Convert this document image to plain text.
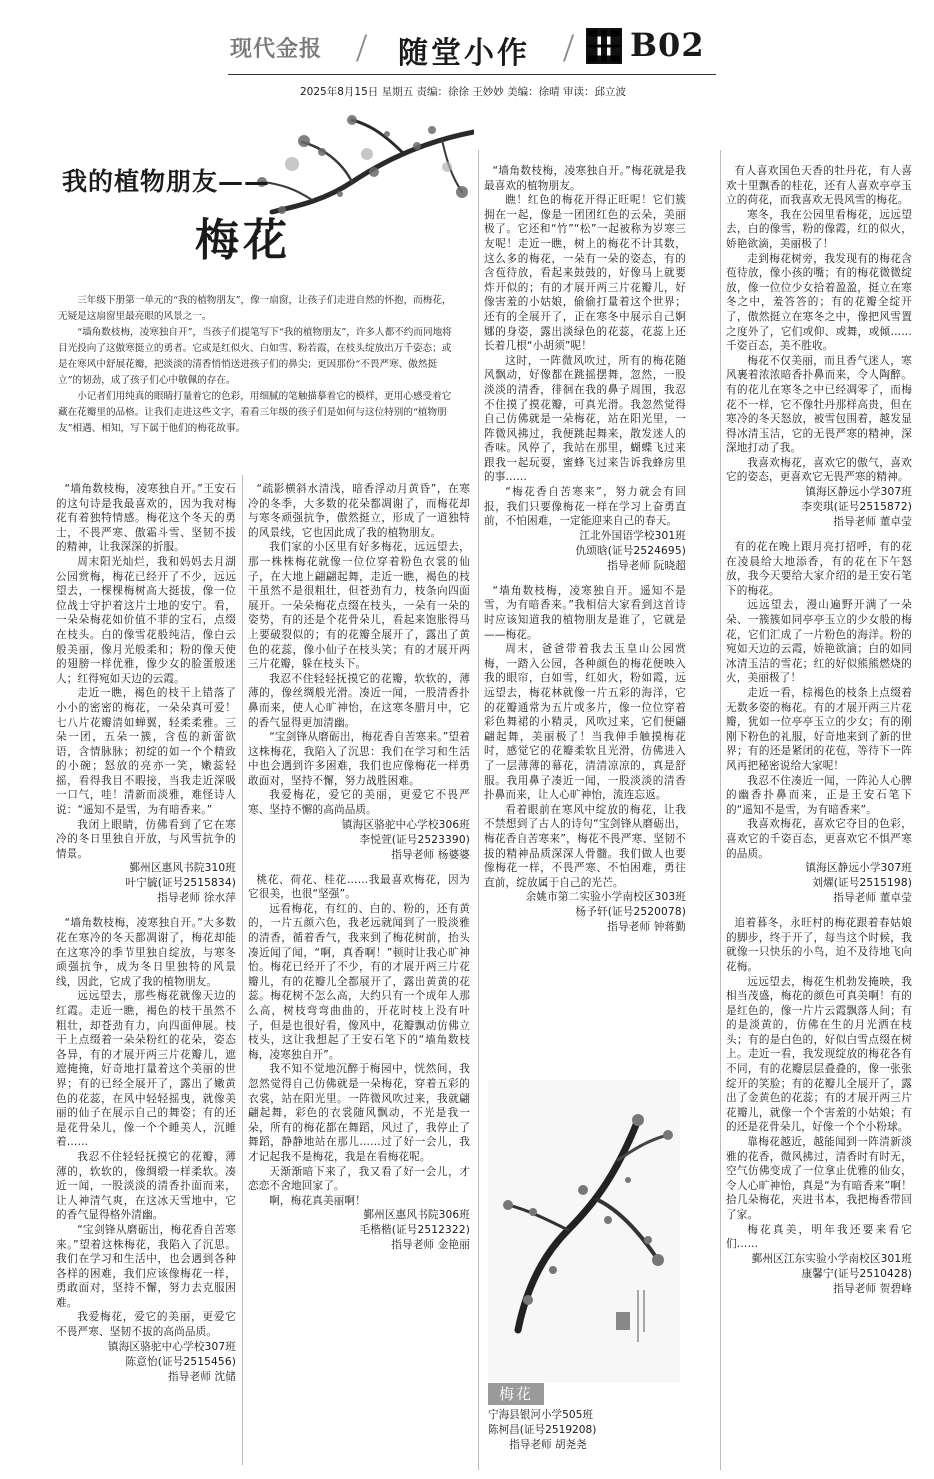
现代金报 / 随堂小作 / B02
2025年8月15日 星期五 责编：徐徐 王妙妙 美编：徐晴 审读：邱立波
我的植物朋友——
梅花

三年级下册第一单元的“我的植物朋友”，像一扇窗，让孩子们走进自然的怀抱，而梅花，无疑是这扇窗里最亮眼的风景之一。

“墙角数枝梅，凌寒独自开”，当孩子们提笔写下“我的植物朋友”，许多人都不约而同地将目光投向了这傲寒挺立的勇者。它或是红似火、白如雪、粉若霞，在枝头绽放出万千姿态；或是在寒风中舒展花瓣，把淡淡的清香悄悄送进孩子们的鼻尖；更因那份“不畏严寒、傲然挺立”的韧劲，成了孩子们心中敬佩的存在。

小记者们用纯真的眼睛打量着它的色彩，用细腻的笔触描摹着它的模样，更用心感受着它藏在花瓣里的品格。让我们走进这些文字，看看三年级的孩子们是如何与这位特别的“植物朋友”相遇、相知，写下属于他们的梅花故事。

“墙角数枝梅，凌寒独自开。”王安石的这句诗是我最喜欢的，因为我对梅花有着独特情感。梅花这个冬天的勇士，不畏严寒、傲霜斗雪、坚韧不拔的精神，让我深深的折服。

周末阳光灿烂，我和妈妈去月湖公园赏梅，梅花已经开了不少，远远望去，一棵棵梅树高大挺拔，像一位位战士守护着这片土地的安宁。看，一朵朵梅花如价值不菲的宝石，点缀在枝头。白的像雪花般纯洁，像白云般美丽，像月光般柔和；粉的像天使的翅膀一样优雅，像少女的脸蛋般迷人；红得宛如天边的云霞。

走近一瞧，褐色的枝干上错落了小小的密密的梅花，一朵朵真可爱！七八片花瓣清如蝉翼，轻柔柔雅。三朵一团，五朵一簇，含苞的新蕾欲语，含情脉脉；初绽的如一个个精致的小碗；怒放的亮亦一笑，嫩蕊轻摇，看得我目不暇接，当我走近深吸一口气，哇！清新而淡雅，难怪诗人说：“遥知不是雪，为有暗香来。”

我闭上眼睛，仿佛看到了它在寒冷的冬日里独自开放，与风雪抗争的情景。

鄞州区惠风书院310班

叶宁毓(证号2515834)

指导老师 徐水萍

“墙角数枝梅，凌寒独自开。”大多数花在寒冷的冬天都凋谢了，梅花却能在这寒冷的季节里独自绽放，与寒冬顽强抗争，成为冬日里独特的风景线，因此，它成了我的植物朋友。

远远望去，那些梅花就像天边的红霞。走近一瞧，褐色的枝干虽然不粗壮，却苍劲有力，向四面伸展。枝干上点缀着一朵朵粉红的花朵，姿态各异，有的才展开两三片花瓣儿，遮遮掩掩，好奇地打量着这个美丽的世界；有的已经全展开了，露出了嫩黄色的花蕊，在风中轻轻摇曳，就像美丽的仙子在展示自己的舞姿；有的还是花骨朵儿，像一个个睡美人，沉睡着……

我忍不住轻轻抚摸它的花瓣，薄薄的，软软的，像绸缎一样柔软。凑近一闻，一股淡淡的清香扑面而来，让人神清气爽，在这冰天雪地中，它的香气显得格外清幽。

“宝剑锋从磨砺出，梅花香自苦寒来。”望着这株梅花，我陷入了沉思。我们在学习和生活中，也会遇到各种各样的困难，我们应该像梅花一样，勇敢面对，坚持不懈，努力去克服困难。

我爱梅花，爱它的美丽，更爱它不畏严寒、坚韧不拔的高尚品质。

镇海区骆驼中心学校307班

陈意怡(证号2515456)

指导老师 沈储

“疏影横斜水清浅，暗香浮动月黄昏”，在寒冷的冬季，大多数的花朵都凋谢了，而梅花却与寒冬顽强抗争，傲然挺立，形成了一道独特的风景线，它也因此成了我的植物朋友。

我们家的小区里有好多梅花，远远望去，那一株株梅花就像一位位穿着粉色衣裳的仙子，在大地上翩翩起舞，走近一瞧，褐色的枝干虽然不是很粗壮，但苍劲有力，枝条向四面展开。一朵朵梅花点缀在枝头，一朵有一朵的姿势，有的还是个花骨朵儿，看起来饱胀得马上要破裂似的；有的花瓣全展开了，露出了黄色的花蕊，像小仙子在枝头笑；有的才展开两三片花瓣，躲在枝头下。

我忍不住轻轻抚摸它的花瓣，软软的，薄薄的，像丝绸般光滑。凑近一闻，一股清香扑鼻而来，使人心旷神怡，在这寒冬腊月中，它的香气显得更加清幽。

“宝剑锋从磨砺出，梅花香自苦寒来。”望着这株梅花，我陷入了沉思：我们在学习和生活中也会遇到许多困难，我们也应像梅花一样勇敢面对，坚持不懈，努力战胜困难。

我爱梅花，爱它的美丽，更爱它不畏严寒、坚持不懈的高尚品质。

镇海区骆驼中心学校306班

李悦萱(证号2523390)

指导老师 杨婆婆

桃花、荷花、桂花……我最喜欢梅花，因为它很美，也很“坚强”。

远看梅花，有红的、白的、粉的，还有黄的，一片五颜六色，我老远就闻到了一股淡雅的清香，循着香气，我来到了梅花树前，抬头凑近闻了闻，“啊，真香啊！”顿时让我心旷神怡。梅花已经开了不少，有的才展开两三片花瓣儿，有的花瓣儿全都展开了，露出黄黄的花蕊。梅花树不怎么高，大约只有一个成年人那么高，树枝弯弯曲曲的，开花时枝上没有叶子，但是也很好看，像风中，花瓣飘动仿佛立枝头，这让我想起了王安石笔下的“墙角数枝梅，凌寒独自开”。

我不知不觉地沉醉于梅园中，恍然间，我忽然觉得自己仿佛就是一朵梅花，穿着五彩的衣裳，站在阳光里。一阵微风吹过来，我就翩翩起舞，彩色的衣裳随风飘动，不光是我一朵，所有的梅花都在舞蹈，风过了，我停止了舞蹈，静静地站在那儿……过了好一会儿，我才记起我不是梅花，我是在看梅花呢。

天渐渐暗下来了，我又看了好一会儿，才恋恋不舍地回家了。

啊，梅花真美丽啊！

鄞州区惠风书院306班

毛楷楷(证号2512322)

指导老师 金艳丽

“墙角数枝梅，凌寒独自开。”梅花就是我最喜欢的植物朋友。

瞧！红色的梅花开得正旺呢！它们簇拥在一起，像是一团团红色的云朵，美丽极了。它还和“竹”“松”一起被称为岁寒三友呢！走近一瞧，树上的梅花不计其数，这么多的梅花，一朵有一朵的姿态，有的含苞待放，看起来鼓鼓的，好像马上就要炸开似的；有的才展开两三片花瓣儿，好像害羞的小姑娘，偷偷打量着这个世界；还有的全展开了，正在寒冬中展示自己婀娜的身姿，露出淡绿色的花蕊，花蕊上还长着几根“小胡须”呢！

这时，一阵微风吹过，所有的梅花随风飘动，好像都在跳摇摆舞，忽然，一股淡淡的清香，徘徊在我的鼻子周围，我忍不住摸了摸花瓣，可真光滑。我忽然觉得自己仿佛就是一朵梅花，站在阳光里，一阵微风拂过，我便跳起舞来，散发迷人的香味。风停了，我站在那里，蝴蝶飞过来跟我一起玩耍，蜜蜂飞过来告诉我蜂房里的事……

“梅花香自苦寒来”，努力就会有回报，我们只要像梅花一样在学习上奋勇直前，不怕困难，一定能迎来自己的春天。

江北外国语学校301班

仇颂晗(证号2524695)

指导老师 阮晓超

“墙角数枝梅，凌寒独自开。遥知不是雪，为有暗香来。”我相信大家看到这首诗时应该知道我的植物朋友是谁了，它就是——梅花。

周末，爸爸带着我去玉皇山公园赏梅，一踏入公园，各种颜色的梅花便映入我的眼帘，白如雪，红如火，粉如霞，远远望去，梅花林就像一片五彩的海洋，它的花瓣通常为五片或多片，像一位位穿着彩色舞裙的小精灵，风吹过来，它们便翩翩起舞，美丽极了！当我伸手触摸梅花时，感觉它的花瓣柔软且光滑，仿佛进入了一层薄薄的幕花，清清凉凉的，真是舒服。我用鼻子凑近一闻，一股淡淡的清香扑鼻而来，让人心旷神怡，流连忘返。

看着眼前在寒风中绽放的梅花，让我不禁想到了古人的诗句“宝剑锋从磨砺出，梅花香自苦寒来”，梅花不畏严寒、坚韧不拔的精神品质深深人骨髓。我们做人也要像梅花一样，不畏严寒、不怕困难，勇往直前，绽放属于自己的光芒。

余姚市第二实验小学南校区303班

杨予轩(证号2520078)

指导老师 钟蒋勤

梅花
宁海县银河小学505班
陈柯昌(证号2519208)
指导老师 胡尧尧

有人喜欢国色天香的牡丹花，有人喜欢十里飘香的桂花，还有人喜欢亭亭玉立的荷花，而我喜欢无畏风雪的梅花。

寒冬，我在公园里看梅花，远远望去，白的像雪，粉的像霞，红的似火，娇艳欲滴，美丽极了！

走到梅花树旁，我发现有的梅花含苞待放，像小孩的嘴；有的梅花微微绽放，像一位位少女拾着盈盈，挺立在寒冬之中，羞答答的；有的花瓣全绽开了，傲然挺立在寒冬之中，像把风雪置之度外了，它们或仰、或舞，或倾……千姿百态，美不胜收。

梅花不仅美丽，而且香气迷人，寒风裹着浓浓暗香扑鼻而来，令人陶醉。有的花儿在寒冬之中已经凋零了，而梅花不一样，它不像牡丹那样高贵，但在寒冷的冬天怒放，被雪包围着，越发显得冰清玉洁，它的无畏严寒的精神，深深地打动了我。

我喜欢梅花，喜欢它的傲气，喜欢它的姿态，更喜欢它无畏严寒的精神。

镇海区静远小学307班

李奕琪(证号2515872)

指导老师 董卓莹

有的花在晚上跟月亮打招呼，有的花在凌晨给大地添香，有的花在下午怒放，我今天要给大家介绍的是王安石笔下的梅花。

远远望去，漫山遍野开满了一朵朵、一簇簇如同亭亭玉立的少女般的梅花，它们汇成了一片粉色的海洋。粉的宛如天边的云霞，娇艳欲滴；白的如同冰清玉洁的雪花；红的好似熊熊燃烧的火，美丽极了！

走近一看，棕褐色的枝条上点缀着无数多姿的梅花。有的才展开两三片花瓣，犹如一位亭亭玉立的少女；有的刚刚下粉色的礼服，好奇地来到了新的世界；有的还是紧闭的花苞，等待下一阵风再把秘密说给大家呢！

我忍不住凑近一闻，一阵沁人心脾的幽香扑鼻而来，正是王安石笔下的“遥知不是雪，为有暗香来”。

我喜欢梅花，喜欢它夺目的色彩，喜欢它的千姿百态，更喜欢它不惧严寒的品质。

镇海区静远小学307班

刘燿(证号2515198)

指导老师 董卓莹

追着暮冬，永旺村的梅花跟着春姑娘的脚步，终于开了，每当这个时候，我就像一只快乐的小鸟，迫不及待地飞向花梅。

远远望去，梅花生机勃发掩映，我相当茂盛，梅花的颜色可真美啊！有的是红色的，像一片片云霞飘落人间；有的是淡黄的，仿佛在生的月光洒在枝头；有的是白色的，好似白雪点缀在树上。走近一看，我发现绽放的梅花各有不同，有的花瓣层层叠叠的，像一张张绽开的笑脸；有的花瓣儿全展开了，露出了金黄色的花蕊；有的才展开两三片花瓣儿，就像一个个害羞的小姑娘；有的还是花骨朵儿，好像一个个小粉球。

靠梅花越近，越能闻到一阵清新淡雅的花香，微风拂过，清香时有时无，空气仿佛变成了一位拿止优雅的仙女，令人心旷神怡，真是“为有暗香来”啊！拾几朵梅花，夹进书本，我把梅香带回了家。

梅花真美，明年我还要来看它们……

鄞州区江东实验小学南校区301班

康馨宁(证号2510428)

指导老师 贺碧峰
